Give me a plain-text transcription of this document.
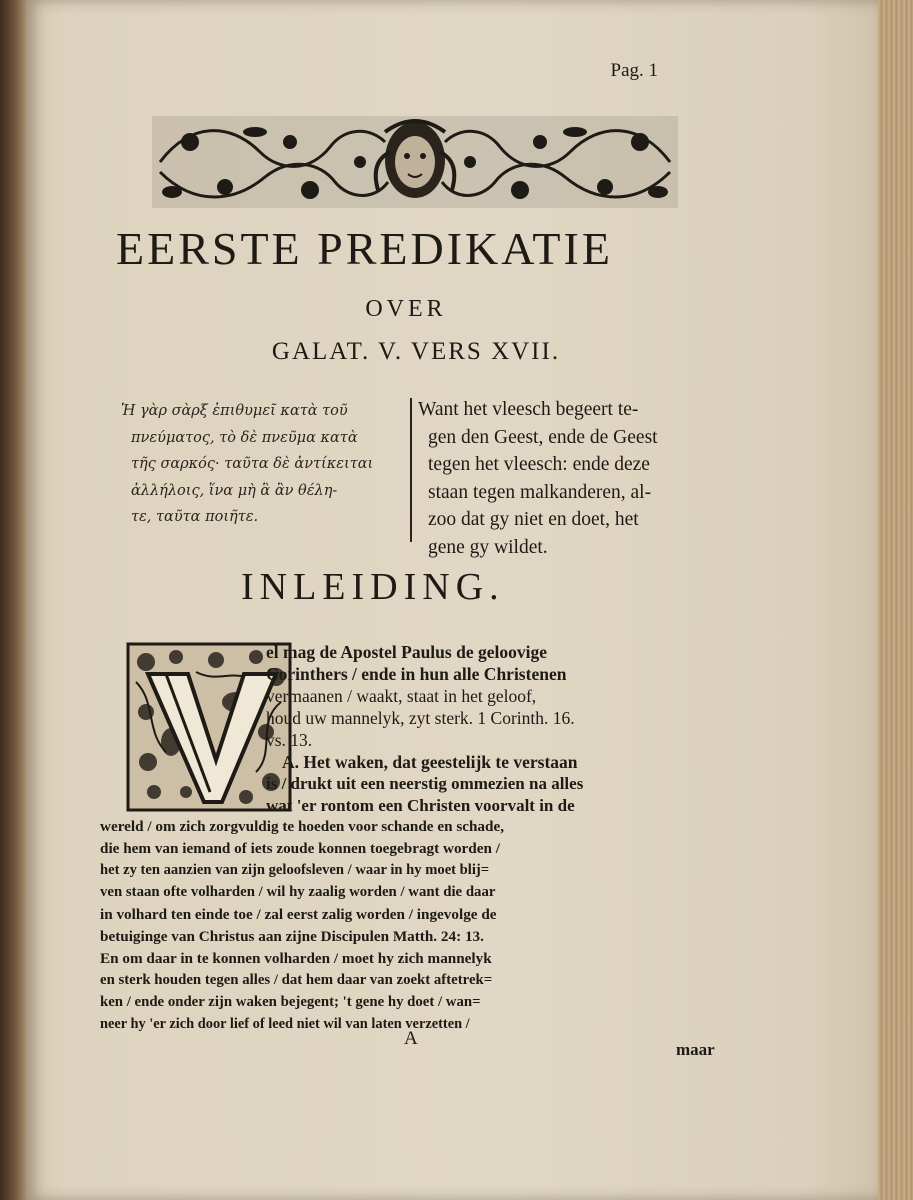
Pag. 1
EERSTE PREDIKATIE
OVER
GALAT. V. VERS XVII.
Ἡ γὰρ σὰρξ ἐπιθυμεῖ κατὰ τοῦ
πνεύματος, τὸ δὲ πνεῦμα κατὰ
τῆς σαρκός· ταῦτα δὲ ἀντίκειται
ἀλλήλοις, ἵνα μὴ ἃ ἂν θέλη-
τε, ταῦτα ποιῆτε.
Want het vleesch begeert te-
gen den Geest, ende de Geest
tegen het vleesch: ende deze
staan tegen malkanderen, al-
zoo dat gy niet en doet, het
gene gy wildet.
INLEIDING.
el mag de Apostel Paulus de geloovige
Corinthers / ende in hun alle Christenen
vermaanen / waakt, staat in het geloof,
houd uw mannelyk, zyt sterk. 1 Corinth. 16.
vs. 13.
A. Het waken, dat geestelijk te verstaan
is / drukt uit een neerstig ommezien na alles
wat 'er rontom een Christen voorvalt in de
wereld / om zich zorgvuldig te hoeden voor schande en schade,
die hem van iemand of iets zoude konnen toegebragt worden /
het zy ten aanzien van zijn geloofsleven / waar in hy moet blij=
ven staan ofte volharden / wil hy zaalig worden / want die daar
in volhard ten einde toe / zal eerst zalig worden / ingevolge de
betuiginge van Christus aan zijne Discipulen Matth. 24: 13.
En om daar in te konnen volharden / moet hy zich mannelyk
en sterk houden tegen alles / dat hem daar van zoekt aftetrek=
ken / ende onder zijn waken bejegent; 't gene hy doet / wan=
neer hy 'er zich door lief of leed niet wil van laten verzetten /
A
maar
